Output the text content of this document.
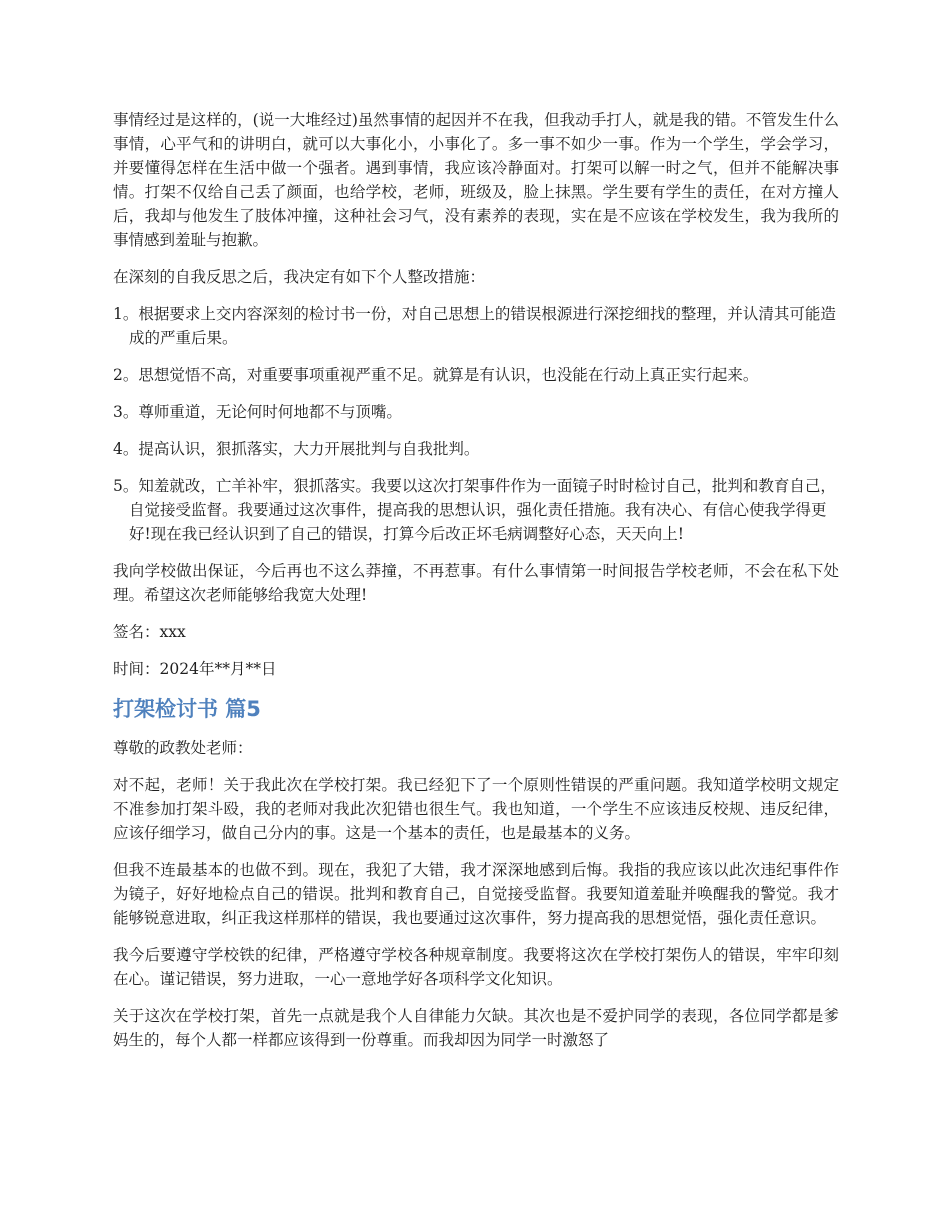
事情经过是这样的，(说一大堆经过)虽然事情的起因并不在我，但我动手打人，就是我的错。不管发生什么事情，心平气和的讲明白，就可以大事化小，小事化了。多一事不如少一事。作为一个学生，学会学习，并要懂得怎样在生活中做一个强者。遇到事情，我应该冷静面对。打架可以解一时之气，但并不能解决事情。打架不仅给自己丢了颜面，也给学校，老师，班级及，脸上抹黑。学生要有学生的责任，在对方撞人后，我却与他发生了肢体冲撞，这种社会习气，没有素养的表现，实在是不应该在学校发生，我为我所的事情感到羞耻与抱歉。

在深刻的自我反思之后，我决定有如下个人整改措施：

1。根据要求上交内容深刻的检讨书一份，对自己思想上的错误根源进行深挖细找的整理，并认清其可能造成的严重后果。

2。思想觉悟不高，对重要事项重视严重不足。就算是有认识，也没能在行动上真正实行起来。

3。尊师重道，无论何时何地都不与顶嘴。

4。提高认识，狠抓落实，大力开展批判与自我批判。

5。知羞就改，亡羊补牢，狠抓落实。我要以这次打架事件作为一面镜子时时检讨自己，批判和教育自己，自觉接受监督。我要通过这次事件，提高我的思想认识，强化责任措施。我有决心、有信心使我学得更好!现在我已经认识到了自己的错误，打算今后改正坏毛病调整好心态，天天向上!

我向学校做出保证，今后再也不这么莽撞，不再惹事。有什么事情第一时间报告学校老师，不会在私下处理。希望这次老师能够给我宽大处理!

签名：xxx

时间：2024年**月**日

打架检讨书 篇5

尊敬的政教处老师：

对不起，老师！关于我此次在学校打架。我已经犯下了一个原则性错误的严重问题。我知道学校明文规定不准参加打架斗殴，我的老师对我此次犯错也很生气。我也知道，一个学生不应该违反校规、违反纪律，应该仔细学习，做自己分内的事。这是一个基本的责任，也是最基本的义务。

但我不连最基本的也做不到。现在，我犯了大错，我才深深地感到后悔。我指的我应该以此次违纪事件作为镜子，好好地检点自己的错误。批判和教育自己，自觉接受监督。我要知道羞耻并唤醒我的警觉。我才能够锐意进取，纠正我这样那样的错误，我也要通过这次事件，努力提高我的思想觉悟，强化责任意识。

我今后要遵守学校铁的纪律，严格遵守学校各种规章制度。我要将这次在学校打架伤人的错误，牢牢印刻在心。谨记错误，努力进取，一心一意地学好各项科学文化知识。

关于这次在学校打架，首先一点就是我个人自律能力欠缺。其次也是不爱护同学的表现，各位同学都是爹妈生的，每个人都一样都应该得到一份尊重。而我却因为同学一时激怒了
